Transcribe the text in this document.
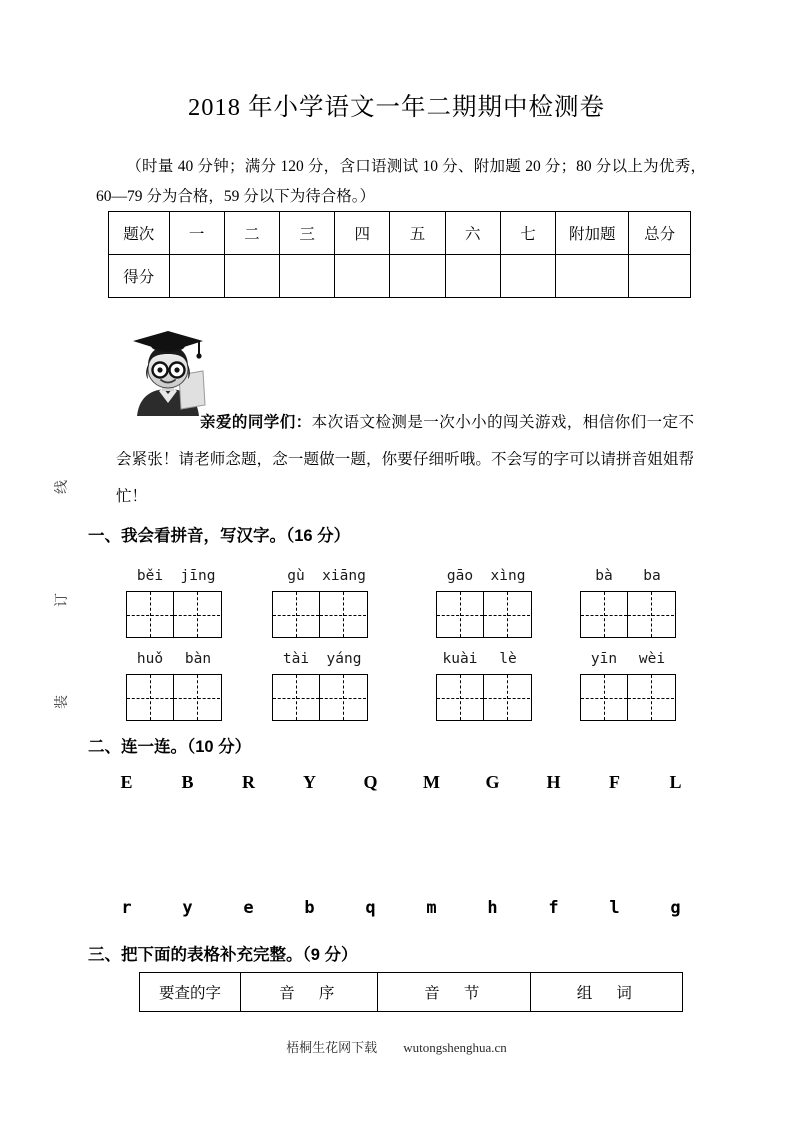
线
订
装
2018 年小学语文一年二期期中检测卷
（时量 40 分钟；满分 120 分，含口语测试 10 分、附加题 20 分；80 分以上为优秀，60—79 分为合格，59 分以下为待合格。）
题次	一	二	三	四	五	六	七	附加题	总分
得分									
亲爱的同学们：本次语文检测是一次小小的闯关游戏，相信你们一定不会紧张！请老师念题，念一题做一题，你要仔细听哦。不会写的字可以请拼音姐姐帮忙！
一、我会看拼音，写汉字。（16 分）
běi	jīng	gù	xiāng	gāo	xìng	bà	ba
huǒ	bàn	tài	yáng	kuài	lè	yīn	wèi
二、连一连。（10 分）
E	B	R	Y	Q	M	G	H	F	L
r	y	e	b	q	m	h	f	l	g
三、把下面的表格补充完整。（9 分）
要查的字	音　序	音　节	组　词
梧桐生花网下载 wutongshenghua.cn
